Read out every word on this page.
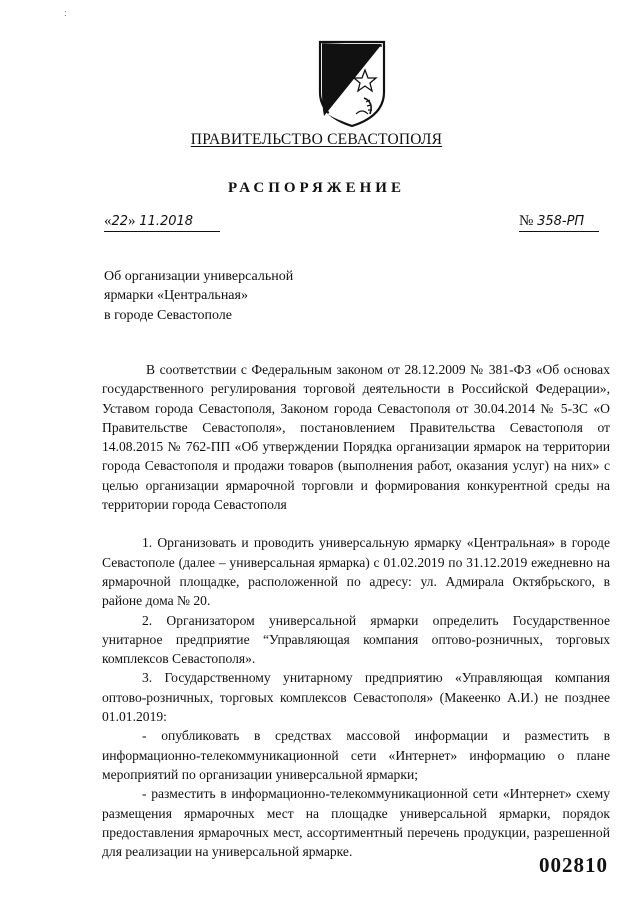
:
ПРАВИТЕЛЬСТВО СЕВАСТОПОЛЯ
РАСПОРЯЖЕНИЕ
«22» 11.2018	№ 358-РП
Об организации универсальной
ярмарки «Центральная»
в городе Севастополе

В соответствии с Федеральным законом от 28.12.2009 № 381-ФЗ «Об основах государственного регулирования торговой деятельности в Российской Федерации», Уставом города Севастополя, Законом города Севастополя от 30.04.2014 № 5-ЗС «О Правительстве Севастополя», постановлением Правительства Севастополя от 14.08.2015 № 762-ПП «Об утверждении Порядка организации ярмарок на территории города Севастополя и продажи товаров (выполнения работ, оказания услуг) на них» с целью организации ярмарочной торговли и формирования конкурентной среды на территории города Севастополя

1. Организовать и проводить универсальную ярмарку «Центральная» в городе Севастополе (далее – универсальная ярмарка) с 01.02.2019 по 31.12.2019 ежедневно на ярмарочной площадке, расположенной по адресу: ул. Адмирала Октябрьского, в районе дома № 20.

2. Организатором универсальной ярмарки определить Государственное унитарное предприятие “Управляющая компания оптово-розничных, торговых комплексов Севастополя».

3. Государственному унитарному предприятию «Управляющая компания оптово-розничных, торговых комплексов Севастополя» (Макеенко А.И.) не позднее 01.01.2019:

- опубликовать в средствах массовой информации и разместить в информационно-телекоммуникационной сети «Интернет» информацию о плане мероприятий по организации универсальной ярмарки;

- разместить в информационно-телекоммуникационной сети «Интернет» схему размещения ярмарочных мест на площадке универсальной ярмарки, порядок предоставления ярмарочных мест, ассортиментный перечень продукции, разрешенной для реализации на универсальной ярмарке.

002810
